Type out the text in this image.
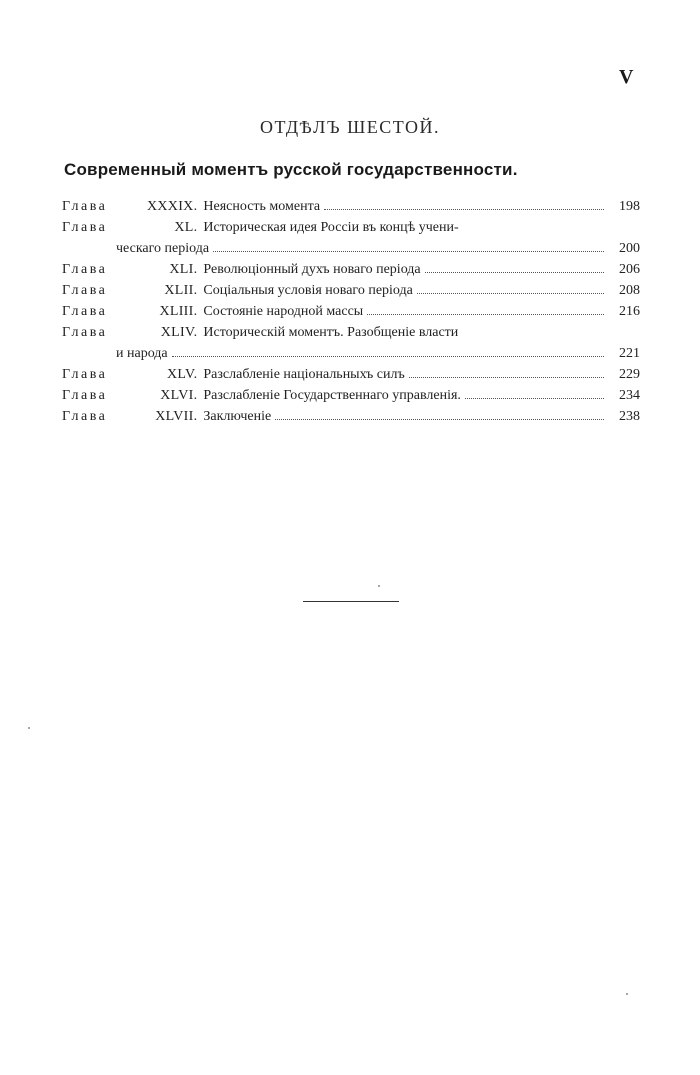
V
ОТДѢЛЪ ШЕСТОЙ.
Современный моментъ русской государственности.
Глава	XXXIX. Неясность момента	198
Глава	XL. Историческая идея Россiи въ концѣ учени-
ческаго перiода	200
Глава	XLI. Революцiонный духъ новаго перiода	206
Глава	XLII. Соцiальныя условiя новаго перiода	208
Глава	XLIII. Состоянiе народной массы	216
Глава	XLIV. Историческiй моментъ. Разобщенiе власти
и народа	221
Глава	XLV. Разслабленiе нацiональныхъ силъ	229
Глава	XLVI. Разслабленiе Государственнаго управленiя.	234
Глава	XLVII. Заключенiе	238
